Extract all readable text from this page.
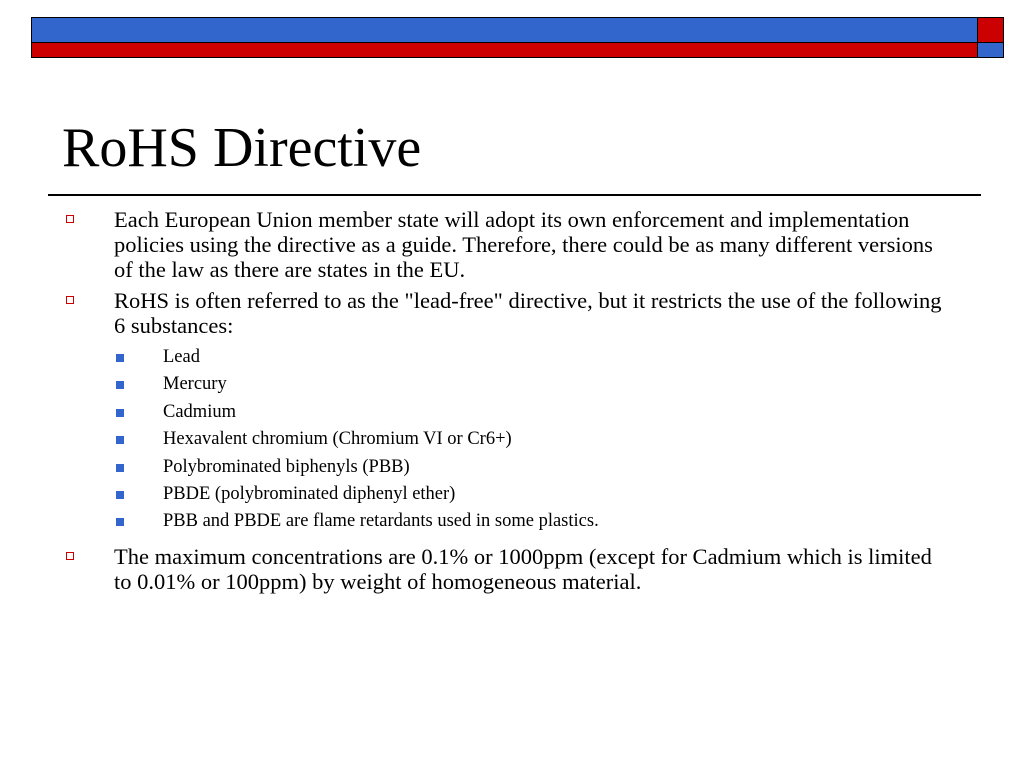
RoHS Directive
Each European Union member state will adopt its own enforcement and implementation policies using the directive as a guide. Therefore, there could be as many different versions of the law as there are states in the EU.
RoHS is often referred to as the "lead-free" directive, but it restricts the use of the following 6 substances:
Lead
Mercury
Cadmium
Hexavalent chromium (Chromium VI or Cr6+)
Polybrominated biphenyls (PBB)
PBDE (polybrominated diphenyl ether)
PBB and PBDE are flame retardants used in some plastics.
The maximum concentrations are 0.1% or 1000ppm (except for Cadmium which is limited to 0.01% or 100ppm) by weight of homogeneous material.
